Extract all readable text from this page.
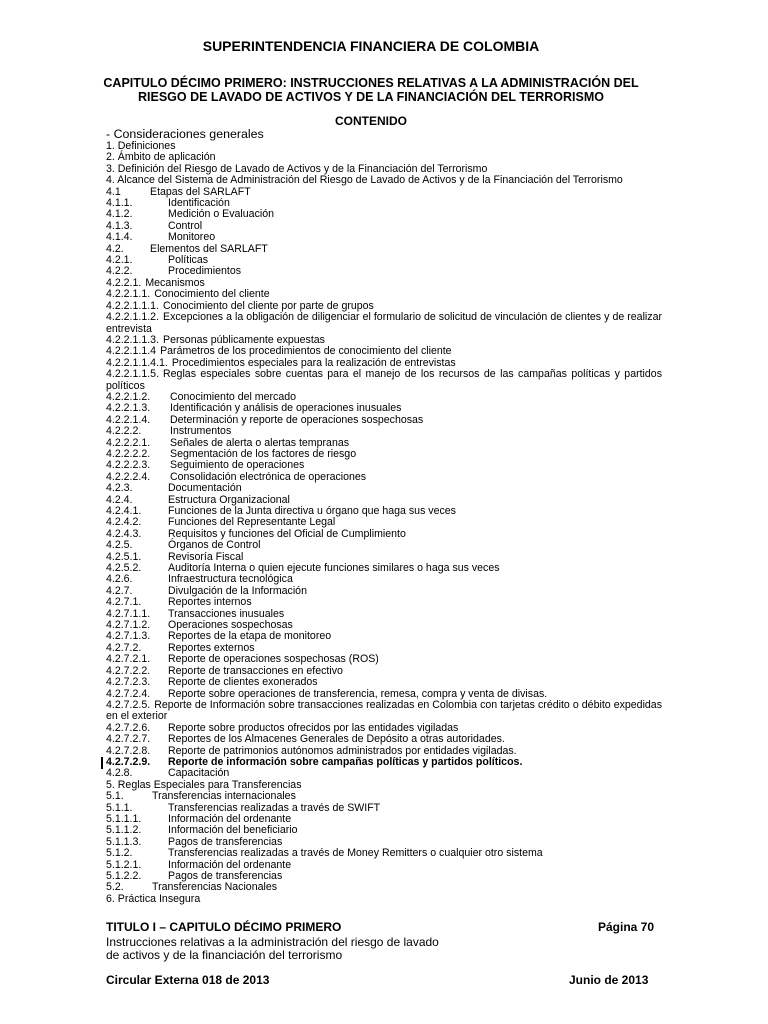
SUPERINTENDENCIA FINANCIERA DE COLOMBIA
CAPITULO DÉCIMO PRIMERO: INSTRUCCIONES RELATIVAS A LA ADMINISTRACIÓN DEL
RIESGO DE LAVADO DE ACTIVOS Y DE LA FINANCIACIÓN DEL TERRORISMO
CONTENIDO
- Consideraciones generales
1. Definiciones
2. Ámbito de aplicación
3. Definición del Riesgo de Lavado de Activos y de la Financiación del Terrorismo
4. Alcance del Sistema de Administración del Riesgo de Lavado de Activos y de la Financiación del Terrorismo
4.1	Etapas del SARLAFT
4.1.1.	Identificación
4.1.2.	Medición o Evaluación
4.1.3.	Control
4.1.4.	Monitoreo
4.2. Elementos del SARLAFT
4.2.1.	Políticas
4.2.2.	Procedimientos
4.2.2.1. Mecanismos
4.2.2.1.1. Conocimiento del cliente
4.2.2.1.1.1. Conocimiento del cliente por parte de grupos
4.2.2.1.1.2. Excepciones a la obligación de diligenciar el formulario de solicitud de vinculación de clientes y de realizar entrevista
4.2.2.1.1.3. Personas públicamente expuestas
4.2.2.1.1.4 Parámetros de los procedimientos de conocimiento del cliente
4.2.2.1.1.4.1. Procedimientos especiales para la realización de entrevistas
4.2.2.1.1.5. Reglas especiales sobre cuentas para el manejo de los recursos de las campañas políticas y partidos políticos
4.2.2.1.2. Conocimiento del mercado
4.2.2.1.3. Identificación y análisis de operaciones inusuales
4.2.2.1.4. Determinación y reporte de operaciones sospechosas
4.2.2.2.	Instrumentos
4.2.2.2.1. Señales de alerta o alertas tempranas
4.2.2.2.2. Segmentación de los factores de riesgo
4.2.2.2.3. Seguimiento de operaciones
4.2.2.2.4. Consolidación electrónica de operaciones
4.2.3.	Documentación
4.2.4.	Estructura Organizacional
4.2.4.1.	Funciones de la Junta directiva u órgano que haga sus veces
4.2.4.2.	Funciones del Representante Legal
4.2.4.3.	Requisitos y funciones del Oficial de Cumplimiento
4.2.5.	Órganos de Control
4.2.5.1.	Revisoría Fiscal
4.2.5.2.	Auditoría Interna o quien ejecute funciones similares o haga sus veces
4.2.6.	Infraestructura tecnológica
4.2.7.	Divulgación de la Información
4.2.7.1.	Reportes internos
4.2.7.1.1. Transacciones inusuales
4.2.7.1.2. Operaciones sospechosas
4.2.7.1.3. Reportes de la etapa de monitoreo
4.2.7.2.	Reportes externos
4.2.7.2.1. Reporte de operaciones sospechosas (ROS)
4.2.7.2.2. Reporte de transacciones en efectivo
4.2.7.2.3. Reporte de clientes exonerados
4.2.7.2.4. Reporte sobre operaciones de transferencia, remesa, compra y venta de divisas.
4.2.7.2.5. Reporte de Información sobre transacciones realizadas en Colombia con tarjetas crédito o débito expedidas en el exterior
4.2.7.2.6. Reporte sobre productos ofrecidos por las entidades vigiladas
4.2.7.2.7. Reportes de los Almacenes Generales de Depósito a otras autoridades.
4.2.7.2.8. Reporte de patrimonios autónomos administrados por entidades vigiladas.
4.2.7.2.9. Reporte de información sobre campañas políticas y partidos políticos.
4.2.8.	Capacitación
5. Reglas Especiales para Transferencias
5.1.	Transferencias internacionales
5.1.1.	Transferencias realizadas a través de SWIFT
5.1.1.1.	Información del ordenante
5.1.1.2.	Información del beneficiario
5.1.1.3.	Pagos de transferencias
5.1.2.	Transferencias realizadas a través de Money Remitters o cualquier otro sistema
5.1.2.1.	Información del ordenante
5.1.2.2.	Pagos de transferencias
5.2.	Transferencias Nacionales
6. Práctica Insegura
TITULO I – CAPITULO DÉCIMO PRIMERO	Página 70
Instrucciones relativas a la administración del riesgo de lavado
de activos y de la financiación del terrorismo
Circular Externa 018 de 2013	Junio de 2013
